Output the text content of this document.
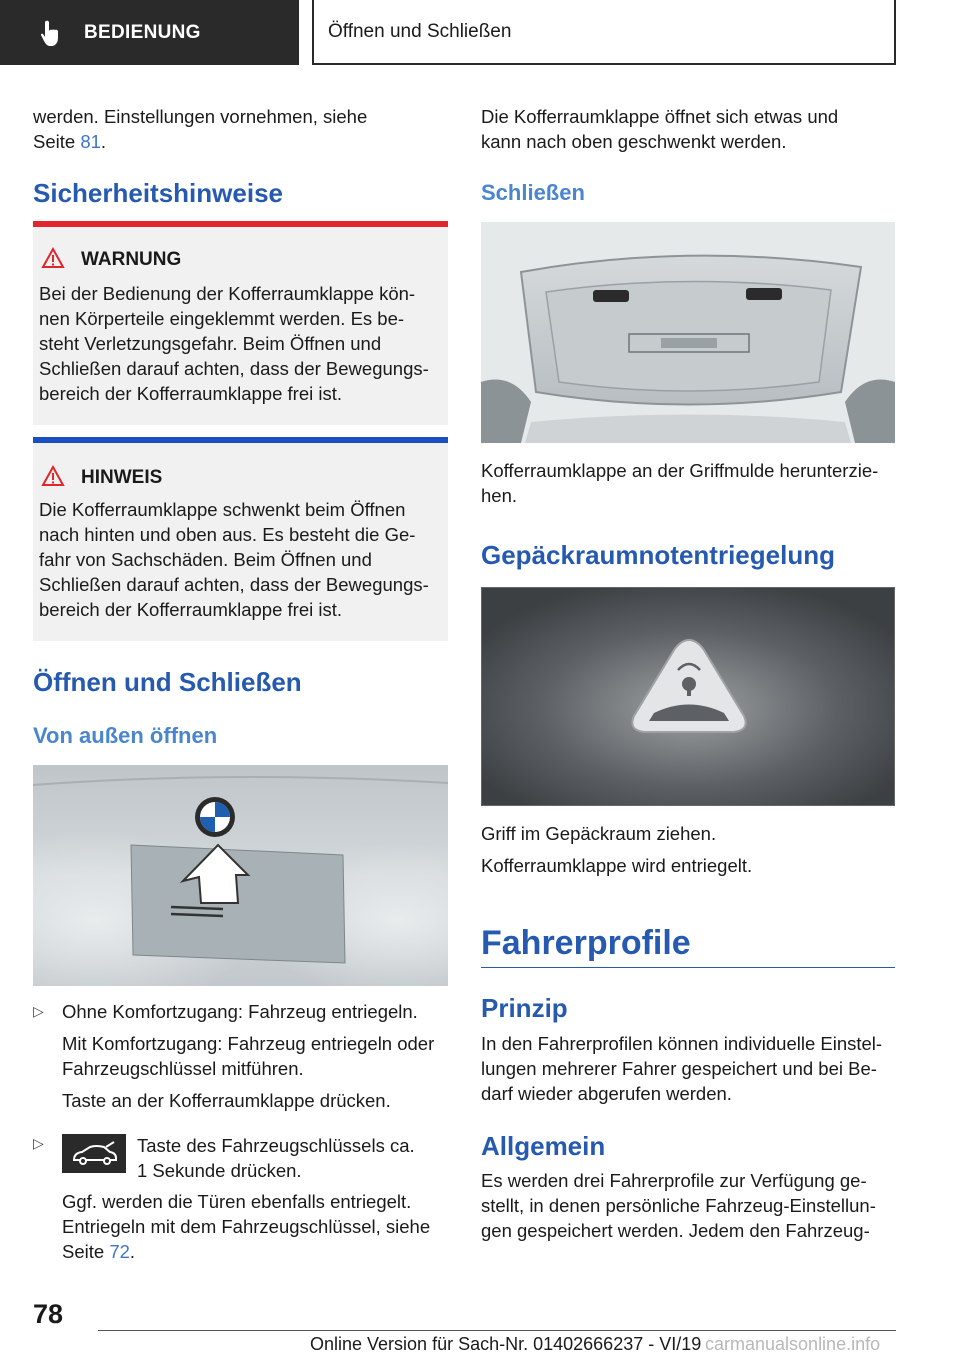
BEDIENUNG	Öffnen und Schließen
werden. Einstellungen vornehmen, siehe
Seite 81.
Sicherheitshinweise
WARNUNG
Bei der Bedienung der Kofferraumklappe kön-
nen Körperteile eingeklemmt werden. Es be-
steht Verletzungsgefahr. Beim Öffnen und
Schließen darauf achten, dass der Bewegungs-
bereich der Kofferraumklappe frei ist.
HINWEIS
Die Kofferraumklappe schwenkt beim Öffnen
nach hinten und oben aus. Es besteht die Ge-
fahr von Sachschäden. Beim Öffnen und
Schließen darauf achten, dass der Bewegungs-
bereich der Kofferraumklappe frei ist.
Öffnen und Schließen
Von außen öffnen
▷ Ohne Komfortzugang: Fahrzeug entriegeln.
Mit Komfortzugang: Fahrzeug entriegeln oder
Fahrzeugschlüssel mitführen.
Taste an der Kofferraumklappe drücken.
▷	Taste des Fahrzeugschlüssels ca.
1 Sekunde drücken.
Ggf. werden die Türen ebenfalls entriegelt.
Entriegeln mit dem Fahrzeugschlüssel, siehe
Seite 72.
Die Kofferraumklappe öffnet sich etwas und
kann nach oben geschwenkt werden.
Schließen
Kofferraumklappe an der Griffmulde herunterzie-
hen.
Gepäckraumnotentriegelung
Griff im Gepäckraum ziehen.
Kofferraumklappe wird entriegelt.
Fahrerprofile
Prinzip
In den Fahrerprofilen können individuelle Einstel-
lungen mehrerer Fahrer gespeichert und bei Be-
darf wieder abgerufen werden.
Allgemein
Es werden drei Fahrerprofile zur Verfügung ge-
stellt, in denen persönliche Fahrzeug-Einstellun-
gen gespeichert werden. Jedem den Fahrzeug-
78
Online Version für Sach-Nr. 01402666237 - VI/19 carmanualsonline.info
